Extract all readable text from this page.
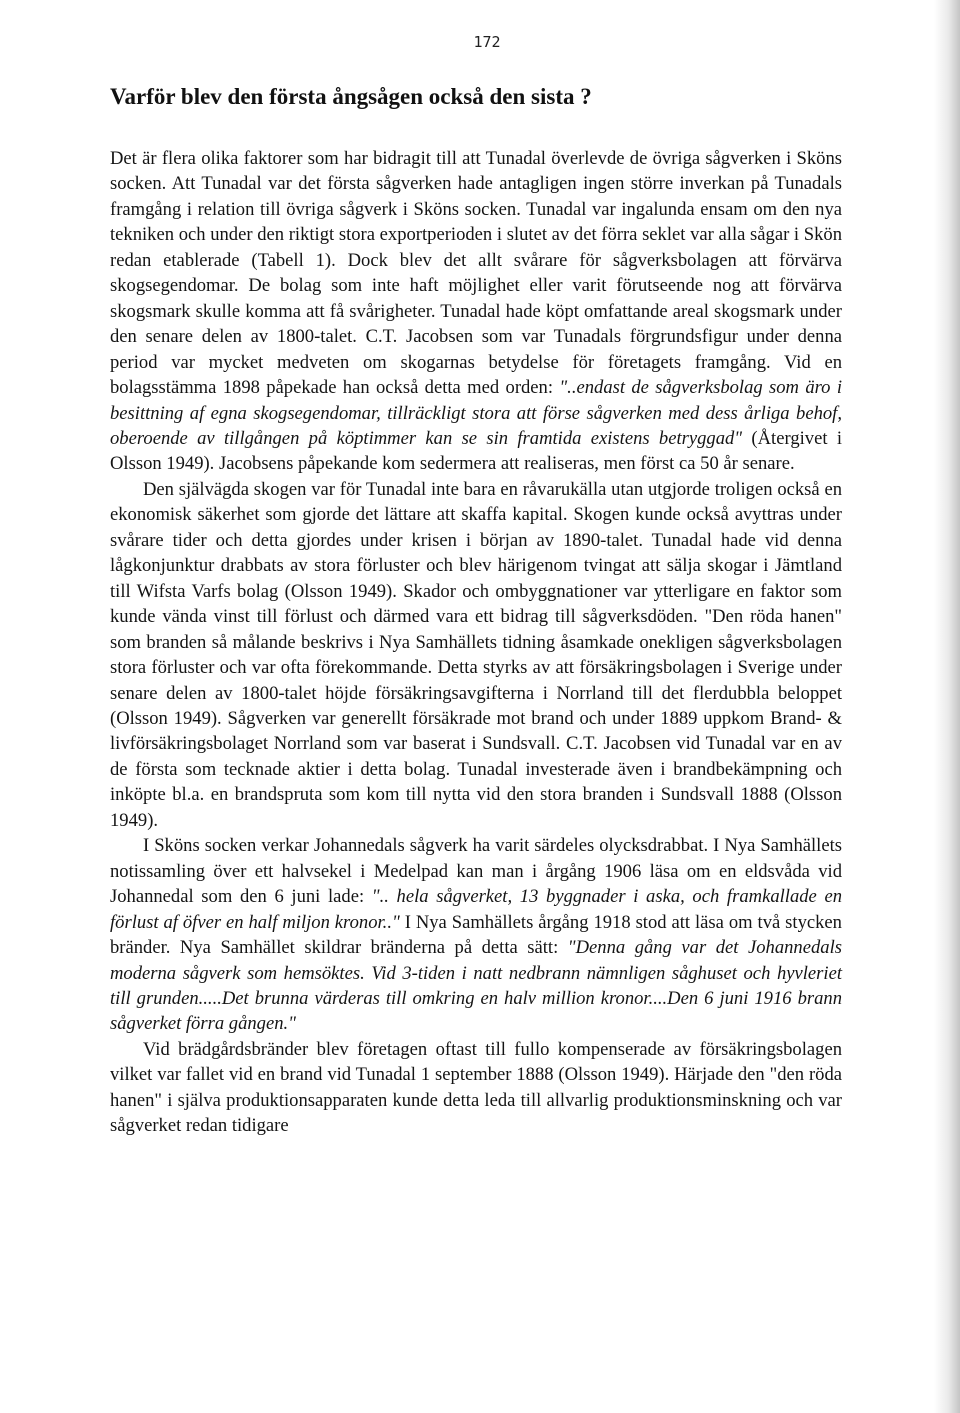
172
Varför blev den första ångsågen också den sista ?

Det är flera olika faktorer som har bidragit till att Tunadal överlevde de övriga sågverken i Sköns socken. Att Tunadal var det första sågverken hade antagligen ingen större inverkan på Tunadals framgång i relation till övriga sågverk i Sköns socken. Tunadal var ingalunda ensam om den nya tekniken och under den riktigt stora exportperioden i slutet av det förra seklet var alla sågar i Skön redan etablerade (Tabell 1). Dock blev det allt svårare för sågverksbolagen att förvärva skogsegendomar. De bolag som inte haft möjlighet eller varit förutseende nog att förvärva skogsmark skulle komma att få svårigheter. Tunadal hade köpt omfattande areal skogsmark under den senare delen av 1800-talet. C.T. Jacobsen som var Tunadals förgrundsfigur under denna period var mycket medveten om skogarnas betydelse för företagets framgång. Vid en bolagsstämma 1898 påpekade han också detta med orden: "..endast de sågverksbolag som äro i besittning af egna skogsegendomar, tillräckligt stora att förse sågverken med dess årliga behof, oberoende av tillgången på köptimmer kan se sin framtida existens betryggad" (Återgivet i Olsson 1949). Jacobsens påpekande kom sedermera att realiseras, men först ca 50 år senare.

Den självägda skogen var för Tunadal inte bara en råvarukälla utan utgjorde troligen också en ekonomisk säkerhet som gjorde det lättare att skaffa kapital. Skogen kunde också avyttras under svårare tider och detta gjordes under krisen i början av 1890-talet. Tunadal hade vid denna lågkonjunktur drabbats av stora förluster och blev härigenom tvingat att sälja skogar i Jämtland till Wifsta Varfs bolag (Olsson 1949). Skador och ombyggnationer var ytterligare en faktor som kunde vända vinst till förlust och därmed vara ett bidrag till sågverksdöden. "Den röda hanen" som branden så målande beskrivs i Nya Samhällets tidning åsamkade onekligen sågverksbolagen stora förluster och var ofta förekommande. Detta styrks av att försäkringsbolagen i Sverige under senare delen av 1800-talet höjde försäkringsavgifterna i Norrland till det flerdubbla beloppet (Olsson 1949). Sågverken var generellt försäkrade mot brand och under 1889 uppkom Brand- & livförsäkringsbolaget Norrland som var baserat i Sundsvall. C.T. Jacobsen vid Tunadal var en av de första som tecknade aktier i detta bolag. Tunadal investerade även i brandbekämpning och inköpte bl.a. en brandspruta som kom till nytta vid den stora branden i Sundsvall 1888 (Olsson 1949).

I Sköns socken verkar Johannedals sågverk ha varit särdeles olycksdrabbat. I Nya Samhällets notissamling över ett halvsekel i Medelpad kan man i årgång 1906 läsa om en eldsvåda vid Johannedal som den 6 juni lade: ".. hela sågverket, 13 byggnader i aska, och framkallade en förlust af öfver en half miljon kronor.." I Nya Samhällets årgång 1918 stod att läsa om två stycken bränder. Nya Samhället skildrar bränderna på detta sätt: "Denna gång var det Johannedals moderna sågverk som hemsöktes. Vid 3-tiden i natt nedbrann nämnligen såghuset och hyvleriet till grunden.....Det brunna värderas till omkring en halv million kronor....Den 6 juni 1916 brann sågverket förra gången."

Vid brädgårdsbränder blev företagen oftast till fullo kompenserade av försäkringsbolagen vilket var fallet vid en brand vid Tunadal 1 september 1888 (Olsson 1949). Härjade den "den röda hanen" i själva produktionsapparaten kunde detta leda till allvarlig produktionsminskning och var sågverket redan tidigare
